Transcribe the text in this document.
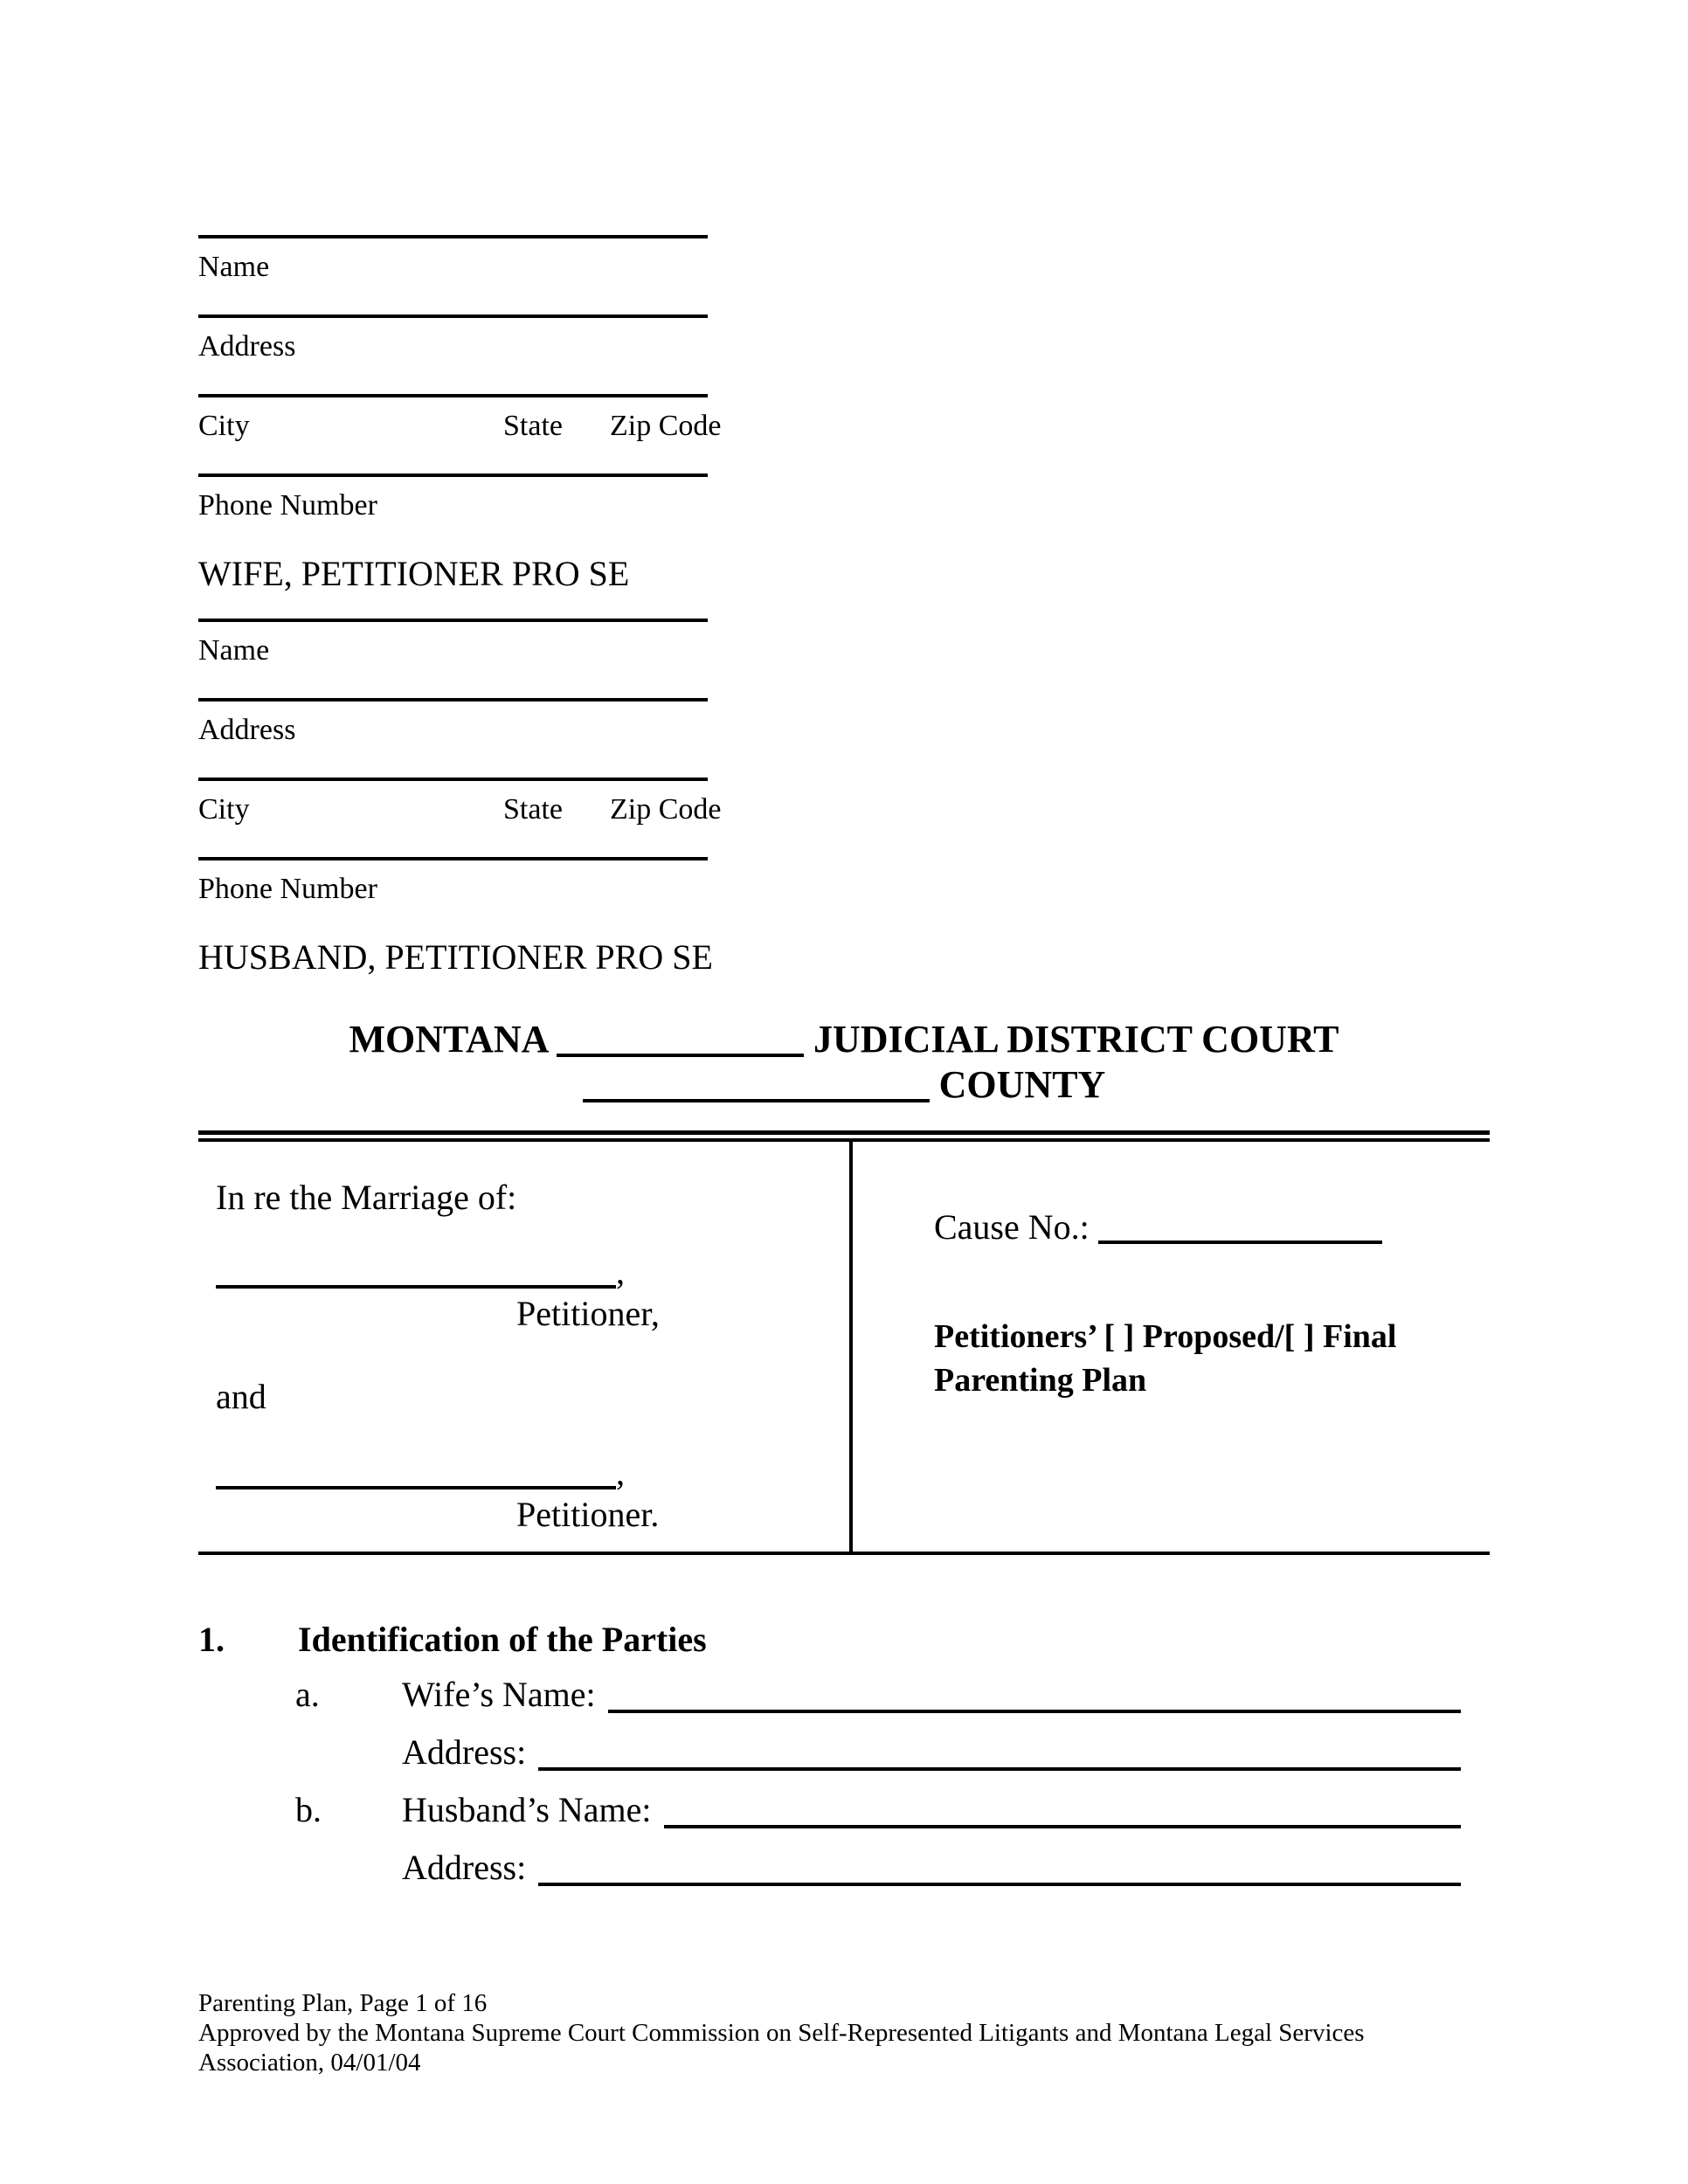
Name
Address
City	State Zip Code
Phone Number
WIFE, PETITIONER PRO SE
Name
Address
City	State Zip Code
Phone Number
HUSBAND, PETITIONER PRO SE
MONTANA	JUDICIAL DISTRICT COURT
COUNTY

In re the Marriage of:

,

Petitioner,

and

,

Petitioner.

Cause No.:

Petitioners’ [ ] Proposed/[ ] Final
Parenting Plan

1.	Identification of the Parties
a.	Wife’s Name:
Address:
b.	Husband’s Name:
Address:
Parenting Plan, Page 1 of 16
Approved by the Montana Supreme Court Commission on Self-Represented Litigants and Montana Legal Services Association, 04/01/04
